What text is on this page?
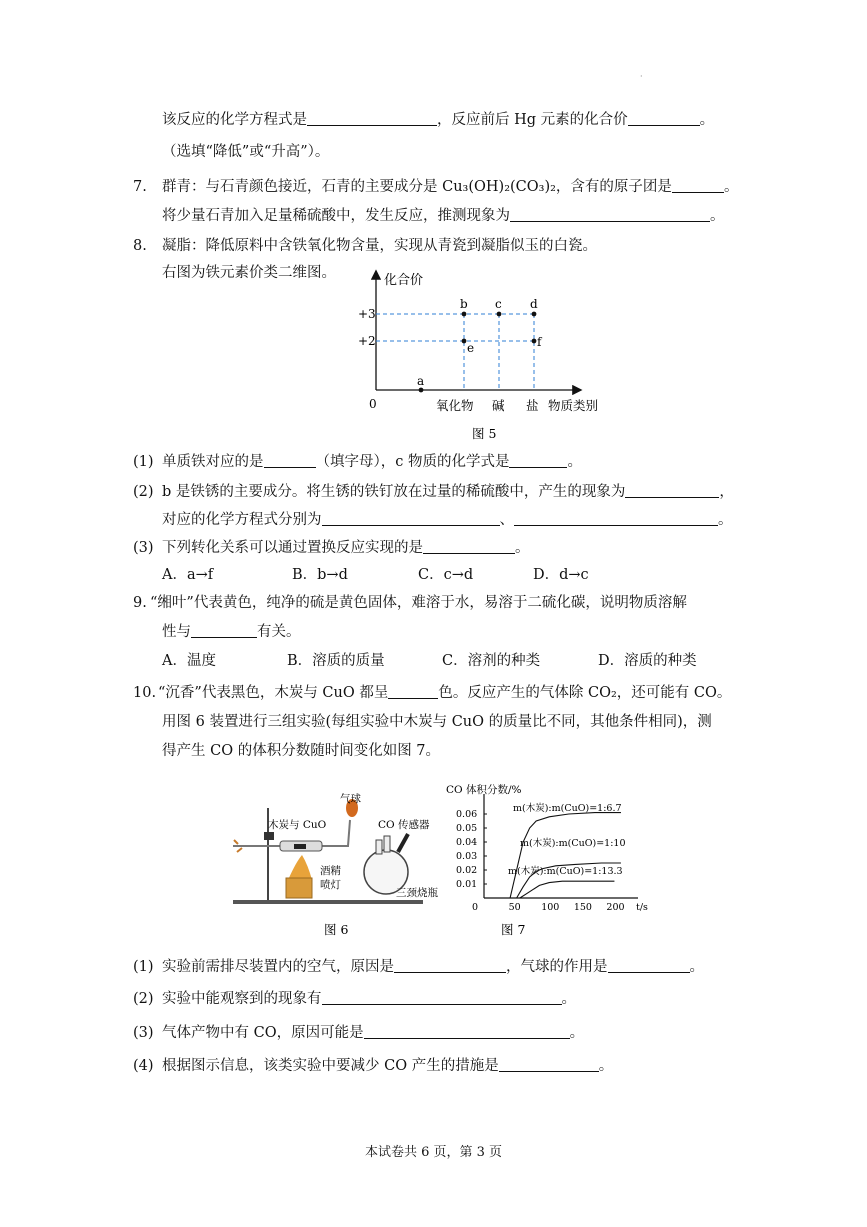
·
该反应的化学方程式是	，反应前后 Hg 元素的化合价	。
（选填“降低”或“升高”）。
7. 群青：与石青颜色接近，石青的主要成分是 Cu₃(OH)₂(CO₃)₂，含有的原子团是	。
将少量石青加入足量稀硫酸中，发生反应，推测现象为	。
8. 凝脂：降低原料中含铁氧化物含量，实现从青瓷到凝脂似玉的白瓷。
右图为铁元素价类二维图。	化合价
+3
+2
0
a
b c d
e	f
氧化物 碱 盐 物质类别
图 5
(1) 单质铁对应的是	（填字母），c 物质的化学式是	。
(2) b 是铁锈的主要成分。将生锈的铁钉放在过量的稀硫酸中，产生的现象为	，
对应的化学方程式分别为	、	。
(3) 下列转化关系可以通过置换反应实现的是	。
A．a→f	B．b→d	C．c→d	D．d→c
9. “缃叶”代表黄色，纯净的硫是黄色固体，难溶于水，易溶于二硫化碳，说明物质溶解
性与	有关。
A．温度	B．溶质的质量	C．溶剂的种类	D．溶质的种类
10. “沉香”代表黑色，木炭与 CuO 都呈	色。反应产生的气体除 CO₂，还可能有 CO。
用图 6 装置进行三组实验(每组实验中木炭与 CuO 的质量比不同，其他条件相同)，测
得产生 CO 的体积分数随时间变化如图 7。
木炭与 CuO
气球
CO 传感器
酒精
喷灯
三颈烧瓶
图 6
CO 体积分数/%
0.01
0.02
0.03
0.04
0.05
0.06
0	50 100 150 200 t/s
m(木炭):m(CuO)=1:6.7
m(木炭):m(CuO)=1:10
m(木炭):m(CuO)=1:13.3
图 7
(1) 实验前需排尽装置内的空气，原因是	，气球的作用是	。
(2) 实验中能观察到的现象有	。
(3) 气体产物中有 CO，原因可能是	。
(4) 根据图示信息，该类实验中要减少 CO 产生的措施是	。
本试卷共 6 页，第 3 页
